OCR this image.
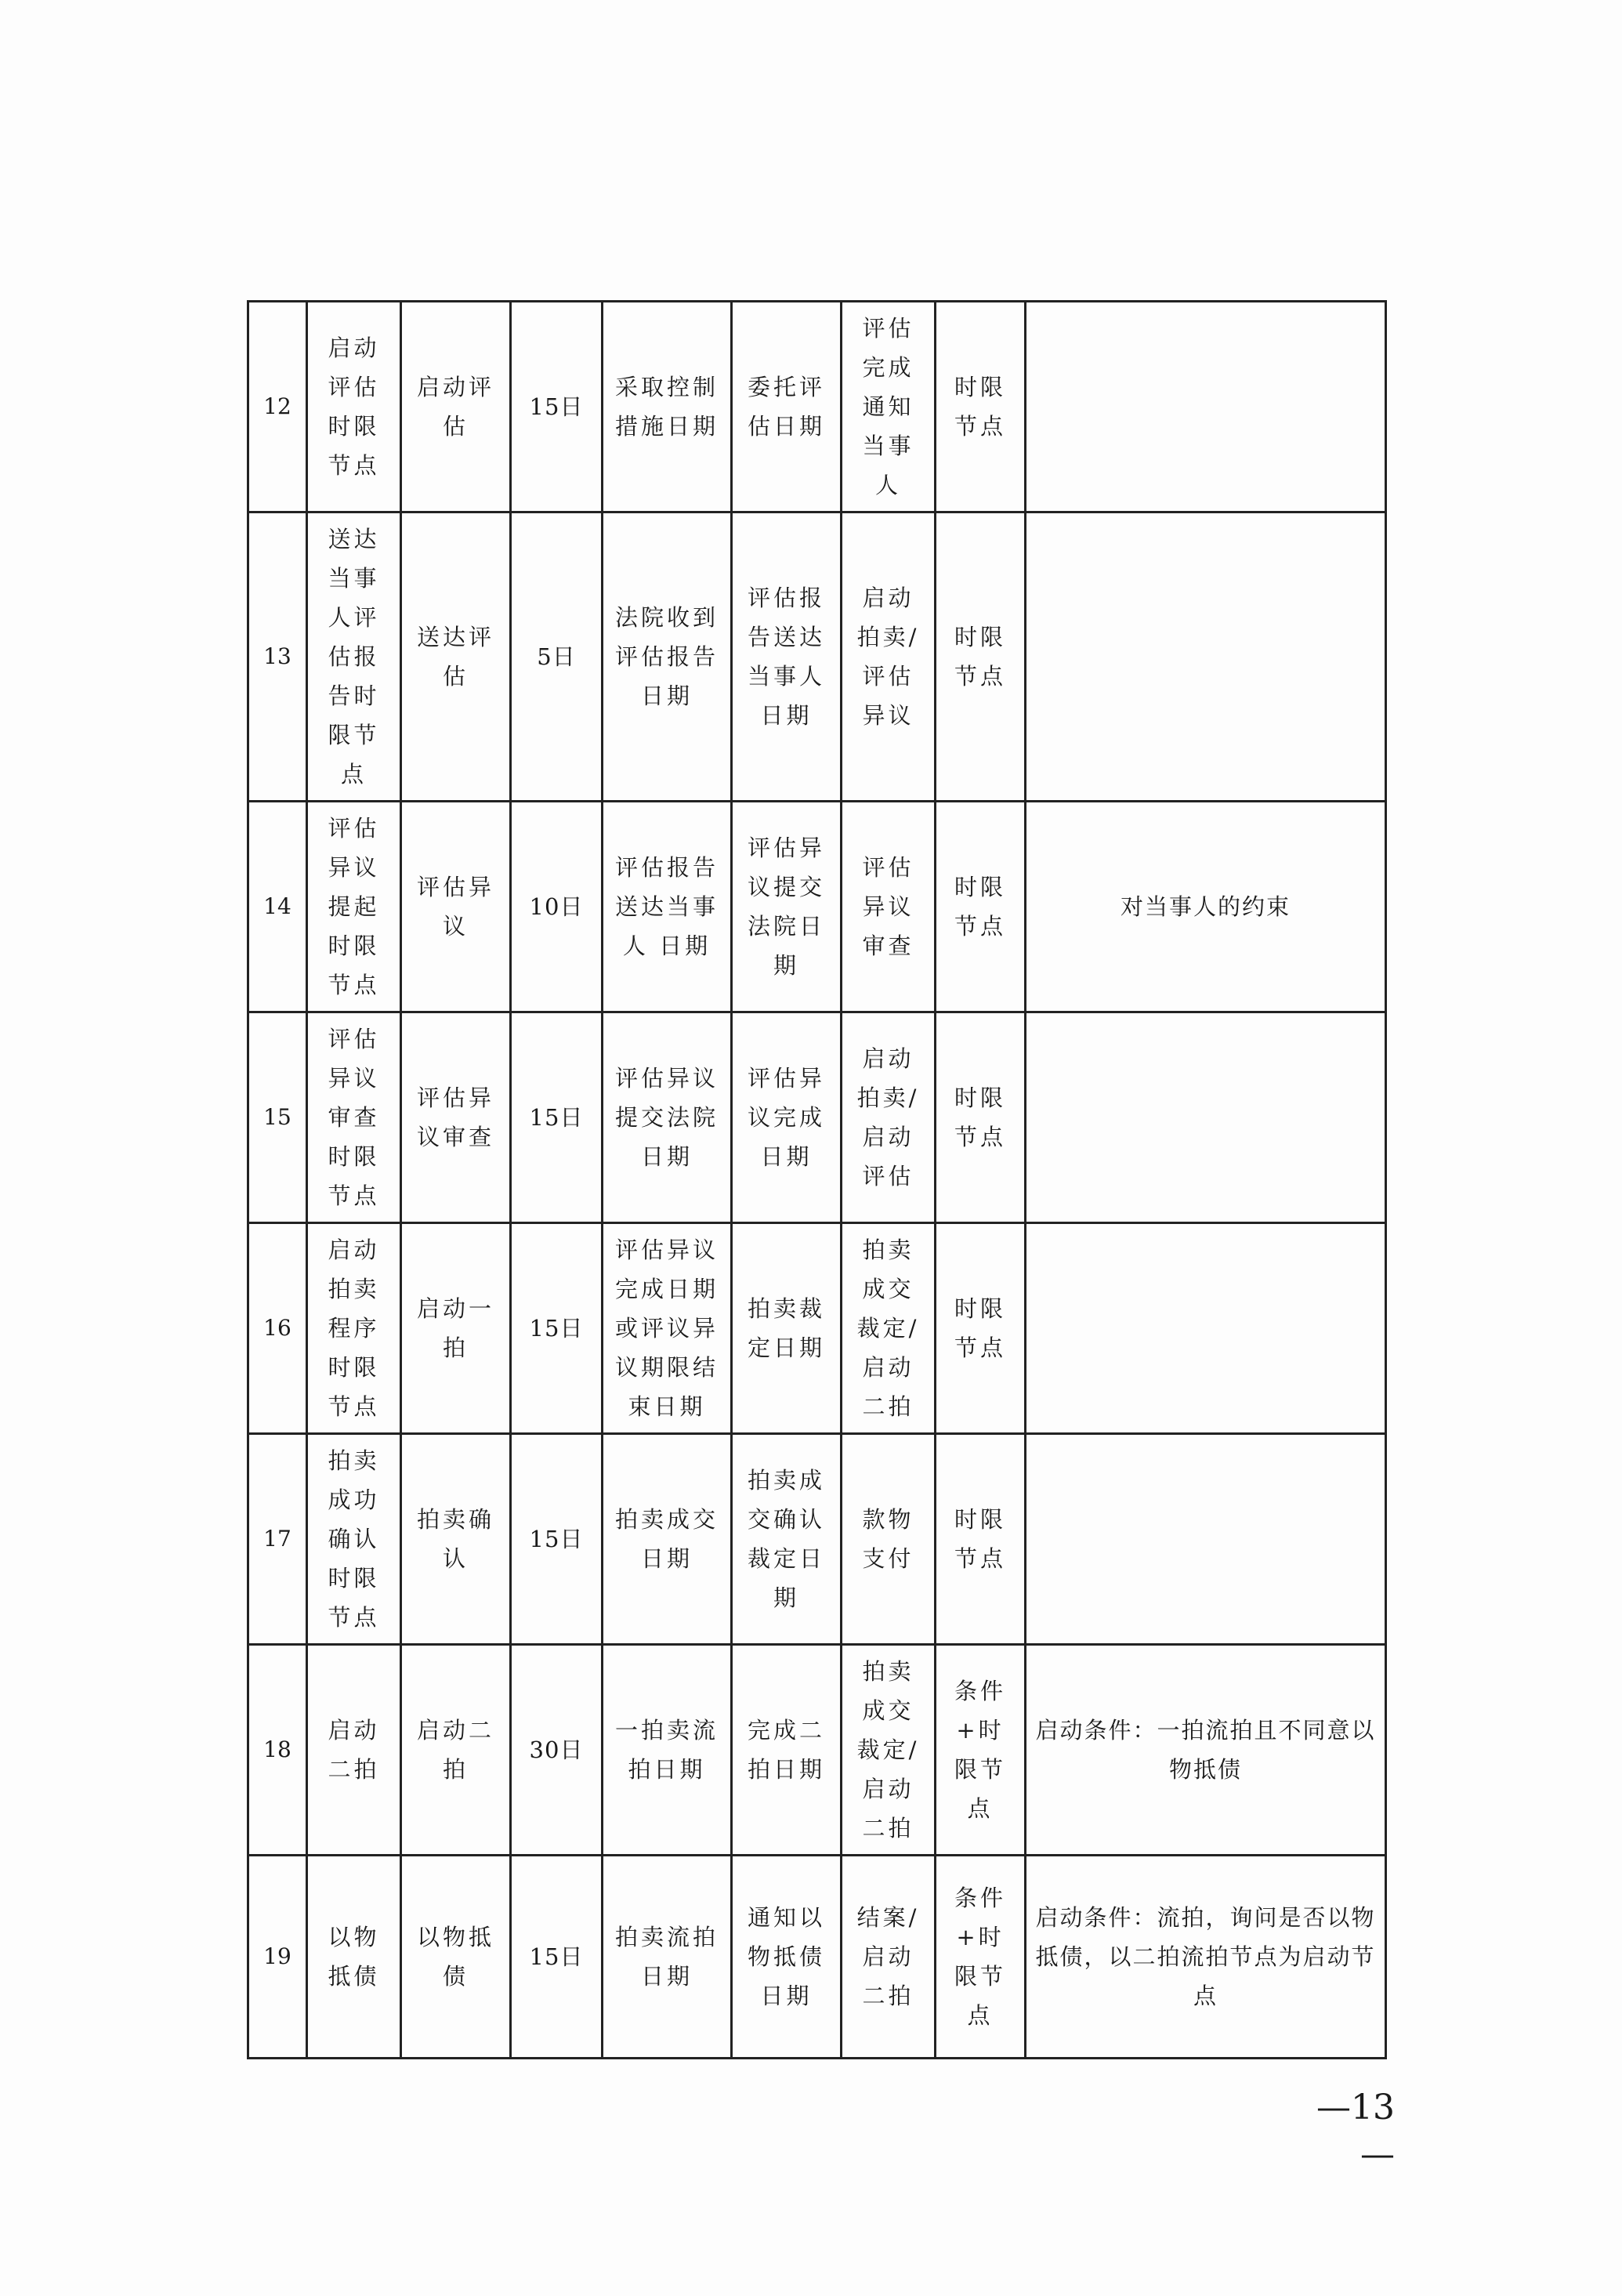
12	启动评估时限节点	启动评估	15日	采取控制措施日期	委托评估日期	评估完成通知当事人	时限节点	
13	送达当事人评估报告时限节点	送达评估	5日	法院收到评估报告日期	评估报告送达当事人日期	启动拍卖/评估异议	时限节点	
14	评估异议提起时限节点	评估异议	10日	评估报告送达当事人 日期	评估异议提交法院日期	评估异议审查	时限节点	对当事人的约束
15	评估异议审查时限节点	评估异议审查	15日	评估异议提交法院日期	评估异议完成日期	启动拍卖/启动评估	时限节点	
16	启动拍卖程序时限节点	启动一拍	15日	评估异议完成日期或评议异议期限结束日期	拍卖裁定日期	拍卖成交裁定/启动二拍	时限节点	
17	拍卖成功确认时限节点	拍卖确认	15日	拍卖成交日期	拍卖成交确认裁定日期	款物支付	时限节点	
18	启动二拍	启动二拍	30日	一拍卖流拍日期	完成二拍日期	拍卖成交裁定/启动二拍	条件+时限节点	启动条件：一拍流拍且不同意以物抵债
19	以物抵债	以物抵债	15日	拍卖流拍日期	通知以物抵债日期	结案/启动二拍	条件+时限节点	启动条件：流拍，询问是否以物抵债，以二拍流拍节点为启动节点
—13—
